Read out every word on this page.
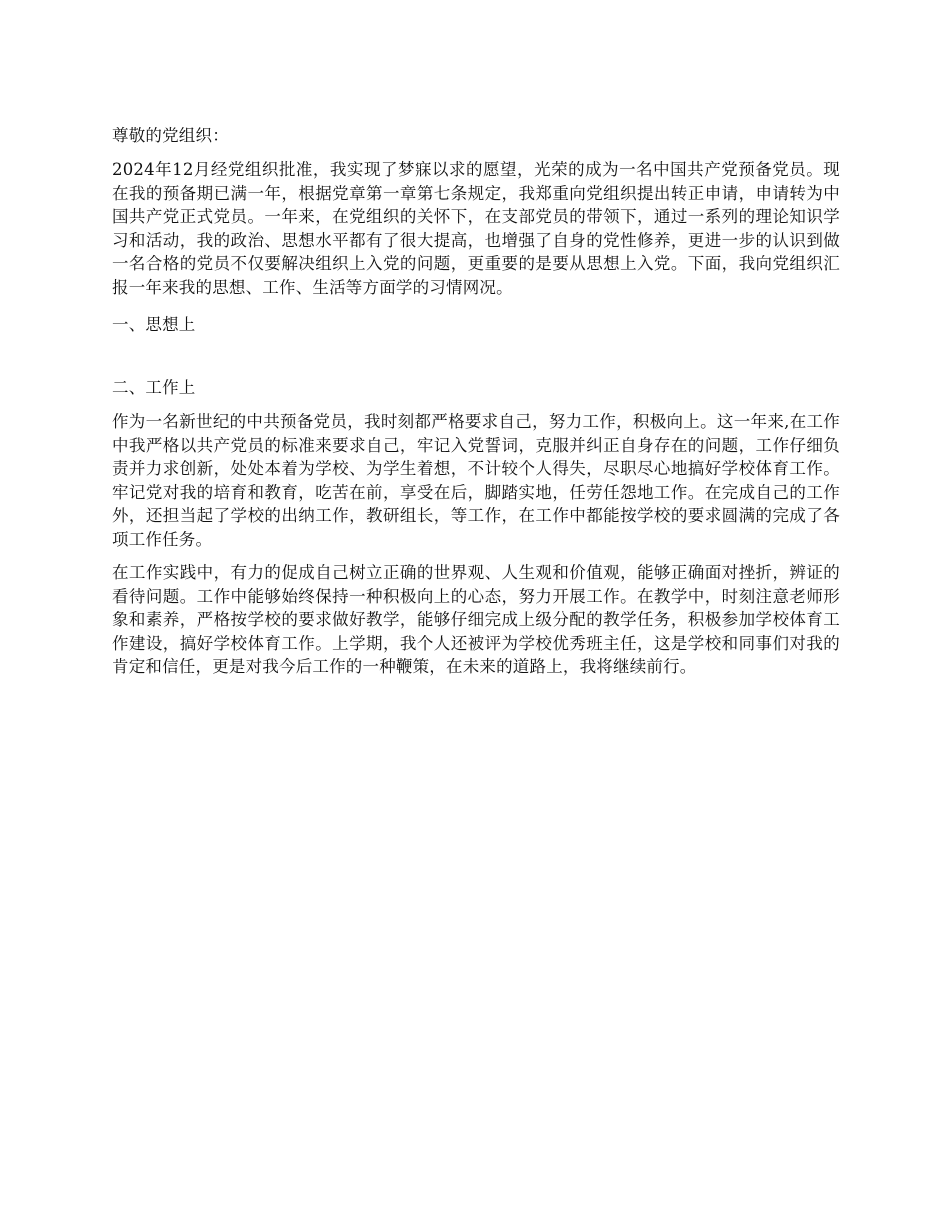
尊敬的党组织：

2024年12月经党组织批准，我实现了梦寐以求的愿望，光荣的成为一名中国共产党预备党员。现在我的预备期已满一年，根据党章第一章第七条规定，我郑重向党组织提出转正申请，申请转为中国共产党正式党员。一年来，在党组织的关怀下，在支部党员的带领下，通过一系列的理论知识学习和活动，我的政治、思想水平都有了很大提高，也增强了自身的党性修养，更进一步的认识到做一名合格的党员不仅要解决组织上入党的问题，更重要的是要从思想上入党。下面，我向党组织汇报一年来我的思想、工作、生活等方面学的习情网况。

一、思想上

二、工作上

作为一名新世纪的中共预备党员，我时刻都严格要求自己，努力工作，积极向上。这一年来,在工作中我严格以共产党员的标准来要求自己，牢记入党誓词，克服并纠正自身存在的问题，工作仔细负责并力求创新，处处本着为学校、为学生着想，不计较个人得失，尽职尽心地搞好学校体育工作。牢记党对我的培育和教育，吃苦在前，享受在后，脚踏实地，任劳任怨地工作。在完成自己的工作外，还担当起了学校的出纳工作，教研组长，等工作，在工作中都能按学校的要求圆满的完成了各项工作任务。

在工作实践中，有力的促成自己树立正确的世界观、人生观和价值观，能够正确面对挫折，辨证的看待问题。工作中能够始终保持一种积极向上的心态，努力开展工作。在教学中，时刻注意老师形象和素养，严格按学校的要求做好教学，能够仔细完成上级分配的教学任务，积极参加学校体育工作建设，搞好学校体育工作。上学期，我个人还被评为学校优秀班主任，这是学校和同事们对我的肯定和信任，更是对我今后工作的一种鞭策，在未来的道路上，我将继续前行。
